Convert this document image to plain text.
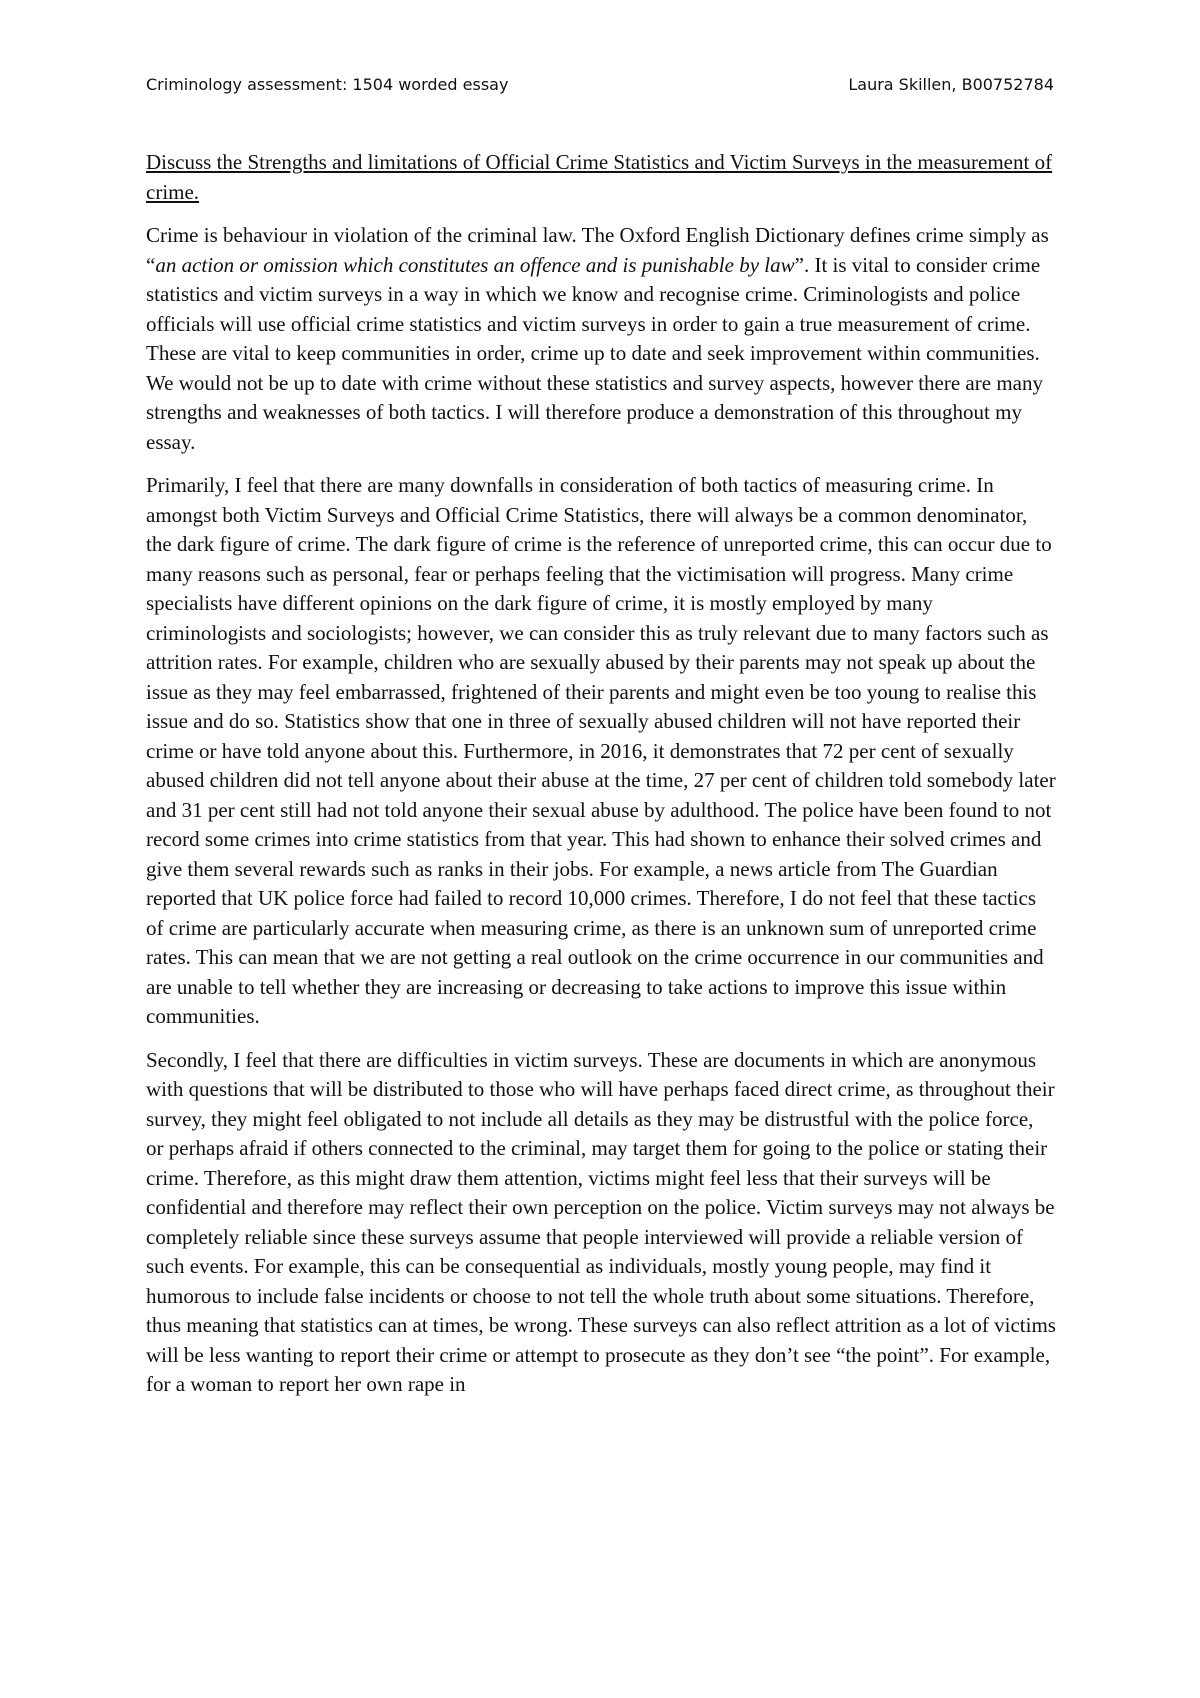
Criminology assessment: 1504 worded essay	Laura Skillen, B00752784
Discuss the Strengths and limitations of Official Crime Statistics and Victim Surveys in the measurement of crime.

Crime is behaviour in violation of the criminal law. The Oxford English Dictionary defines crime simply as “an action or omission which constitutes an offence and is punishable by law”. It is vital to consider crime statistics and victim surveys in a way in which we know and recognise crime. Criminologists and police officials will use official crime statistics and victim surveys in order to gain a true measurement of crime. These are vital to keep communities in order, crime up to date and seek improvement within communities. We would not be up to date with crime without these statistics and survey aspects, however there are many strengths and weaknesses of both tactics. I will therefore produce a demonstration of this throughout my essay.

Primarily, I feel that there are many downfalls in consideration of both tactics of measuring crime. In amongst both Victim Surveys and Official Crime Statistics, there will always be a common denominator, the dark figure of crime. The dark figure of crime is the reference of unreported crime, this can occur due to many reasons such as personal, fear or perhaps feeling that the victimisation will progress. Many crime specialists have different opinions on the dark figure of crime, it is mostly employed by many criminologists and sociologists; however, we can consider this as truly relevant due to many factors such as attrition rates. For example, children who are sexually abused by their parents may not speak up about the issue as they may feel embarrassed, frightened of their parents and might even be too young to realise this issue and do so. Statistics show that one in three of sexually abused children will not have reported their crime or have told anyone about this. Furthermore, in 2016, it demonstrates that 72 per cent of sexually abused children did not tell anyone about their abuse at the time, 27 per cent of children told somebody later and 31 per cent still had not told anyone their sexual abuse by adulthood. The police have been found to not record some crimes into crime statistics from that year. This had shown to enhance their solved crimes and give them several rewards such as ranks in their jobs. For example, a news article from The Guardian reported that UK police force had failed to record 10,000 crimes. Therefore, I do not feel that these tactics of crime are particularly accurate when measuring crime, as there is an unknown sum of unreported crime rates. This can mean that we are not getting a real outlook on the crime occurrence in our communities and are unable to tell whether they are increasing or decreasing to take actions to improve this issue within communities.

Secondly, I feel that there are difficulties in victim surveys. These are documents in which are anonymous with questions that will be distributed to those who will have perhaps faced direct crime, as throughout their survey, they might feel obligated to not include all details as they may be distrustful with the police force, or perhaps afraid if others connected to the criminal, may target them for going to the police or stating their crime. Therefore, as this might draw them attention, victims might feel less that their surveys will be confidential and therefore may reflect their own perception on the police. Victim surveys may not always be completely reliable since these surveys assume that people interviewed will provide a reliable version of such events. For example, this can be consequential as individuals, mostly young people, may find it humorous to include false incidents or choose to not tell the whole truth about some situations. Therefore, thus meaning that statistics can at times, be wrong. These surveys can also reflect attrition as a lot of victims will be less wanting to report their crime or attempt to prosecute as they don’t see “the point”. For example, for a woman to report her own rape in
